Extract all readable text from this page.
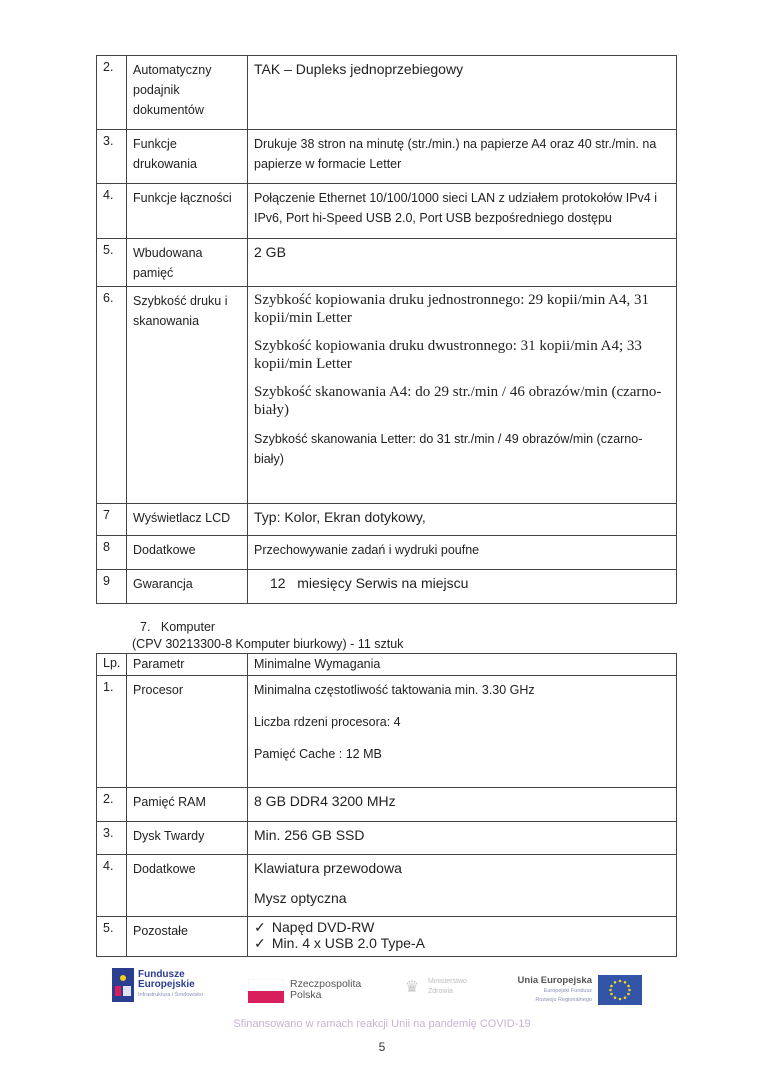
2.	Automatyczny podajnik dokumentów	TAK – Dupleks jednoprzebiegowy

3.	Funkcje drukowania	Drukuje 38 stron na minutę (str./min.) na papierze A4 oraz 40 str./min. na papierze w formacie Letter

4.	Funkcje łączności	Połączenie Ethernet 10/100/1000 sieci LAN z udziałem protokołów IPv4 i IPv6, Port hi-Speed USB 2.0, Port USB bezpośredniego dostępu

5.	Wbudowana pamięć	2 GB

6.	Szybkość druku i skanowania	Szybkość kopiowania druku jednostronnego: 29 kopii/min A4, 31 kopii/min Letter
Szybkość kopiowania druku dwustronnego: 31 kopii/min A4; 33 kopii/min Letter
Szybkość skanowania A4: do 29 str./min / 46 obrazów/min (czarno-biały)
Szybkość skanowania Letter: do 31 str./min / 49 obrazów/min (czarno-biały)

7	Wyświetlacz LCD	Typ: Kolor, Ekran dotykowy,

8	Dodatkowe	Przechowywanie zadań i wydruki poufne

9	Gwarancja	12   miesięcy Serwis na miejscu
7. Komputer
(CPV 30213300-8 Komputer biurkowy) - 11 sztuk
Lp.	Parametr	Minimalne Wymagania
1.	Procesor	Minimalna częstotliwość taktowania min. 3.30 GHz
Liczba rdzeni procesora: 4
Pamięć Cache : 12 MB

2.	Pamięć RAM	8 GB DDR4 3200 MHz

3.	Dysk Twardy	Min. 256 GB SSD

4.	Dodatkowe	Klawiatura przewodowa
Mysz optyczna

5.	Pozostałe	✓ Napęd DVD-RW
✓ Min. 4 x USB 2.0 Type-A
Fundusze
Europejskie
Infrastruktura i Środowisko
Rzeczpospolita
Polska	♛	Ministerstwo
Zdrowia
Unia Europejska
Europejski Fundusz
Rozwoju Regionalnego
Sfinansowano w ramach reakcji Unii na pandemię COVID-19
5
